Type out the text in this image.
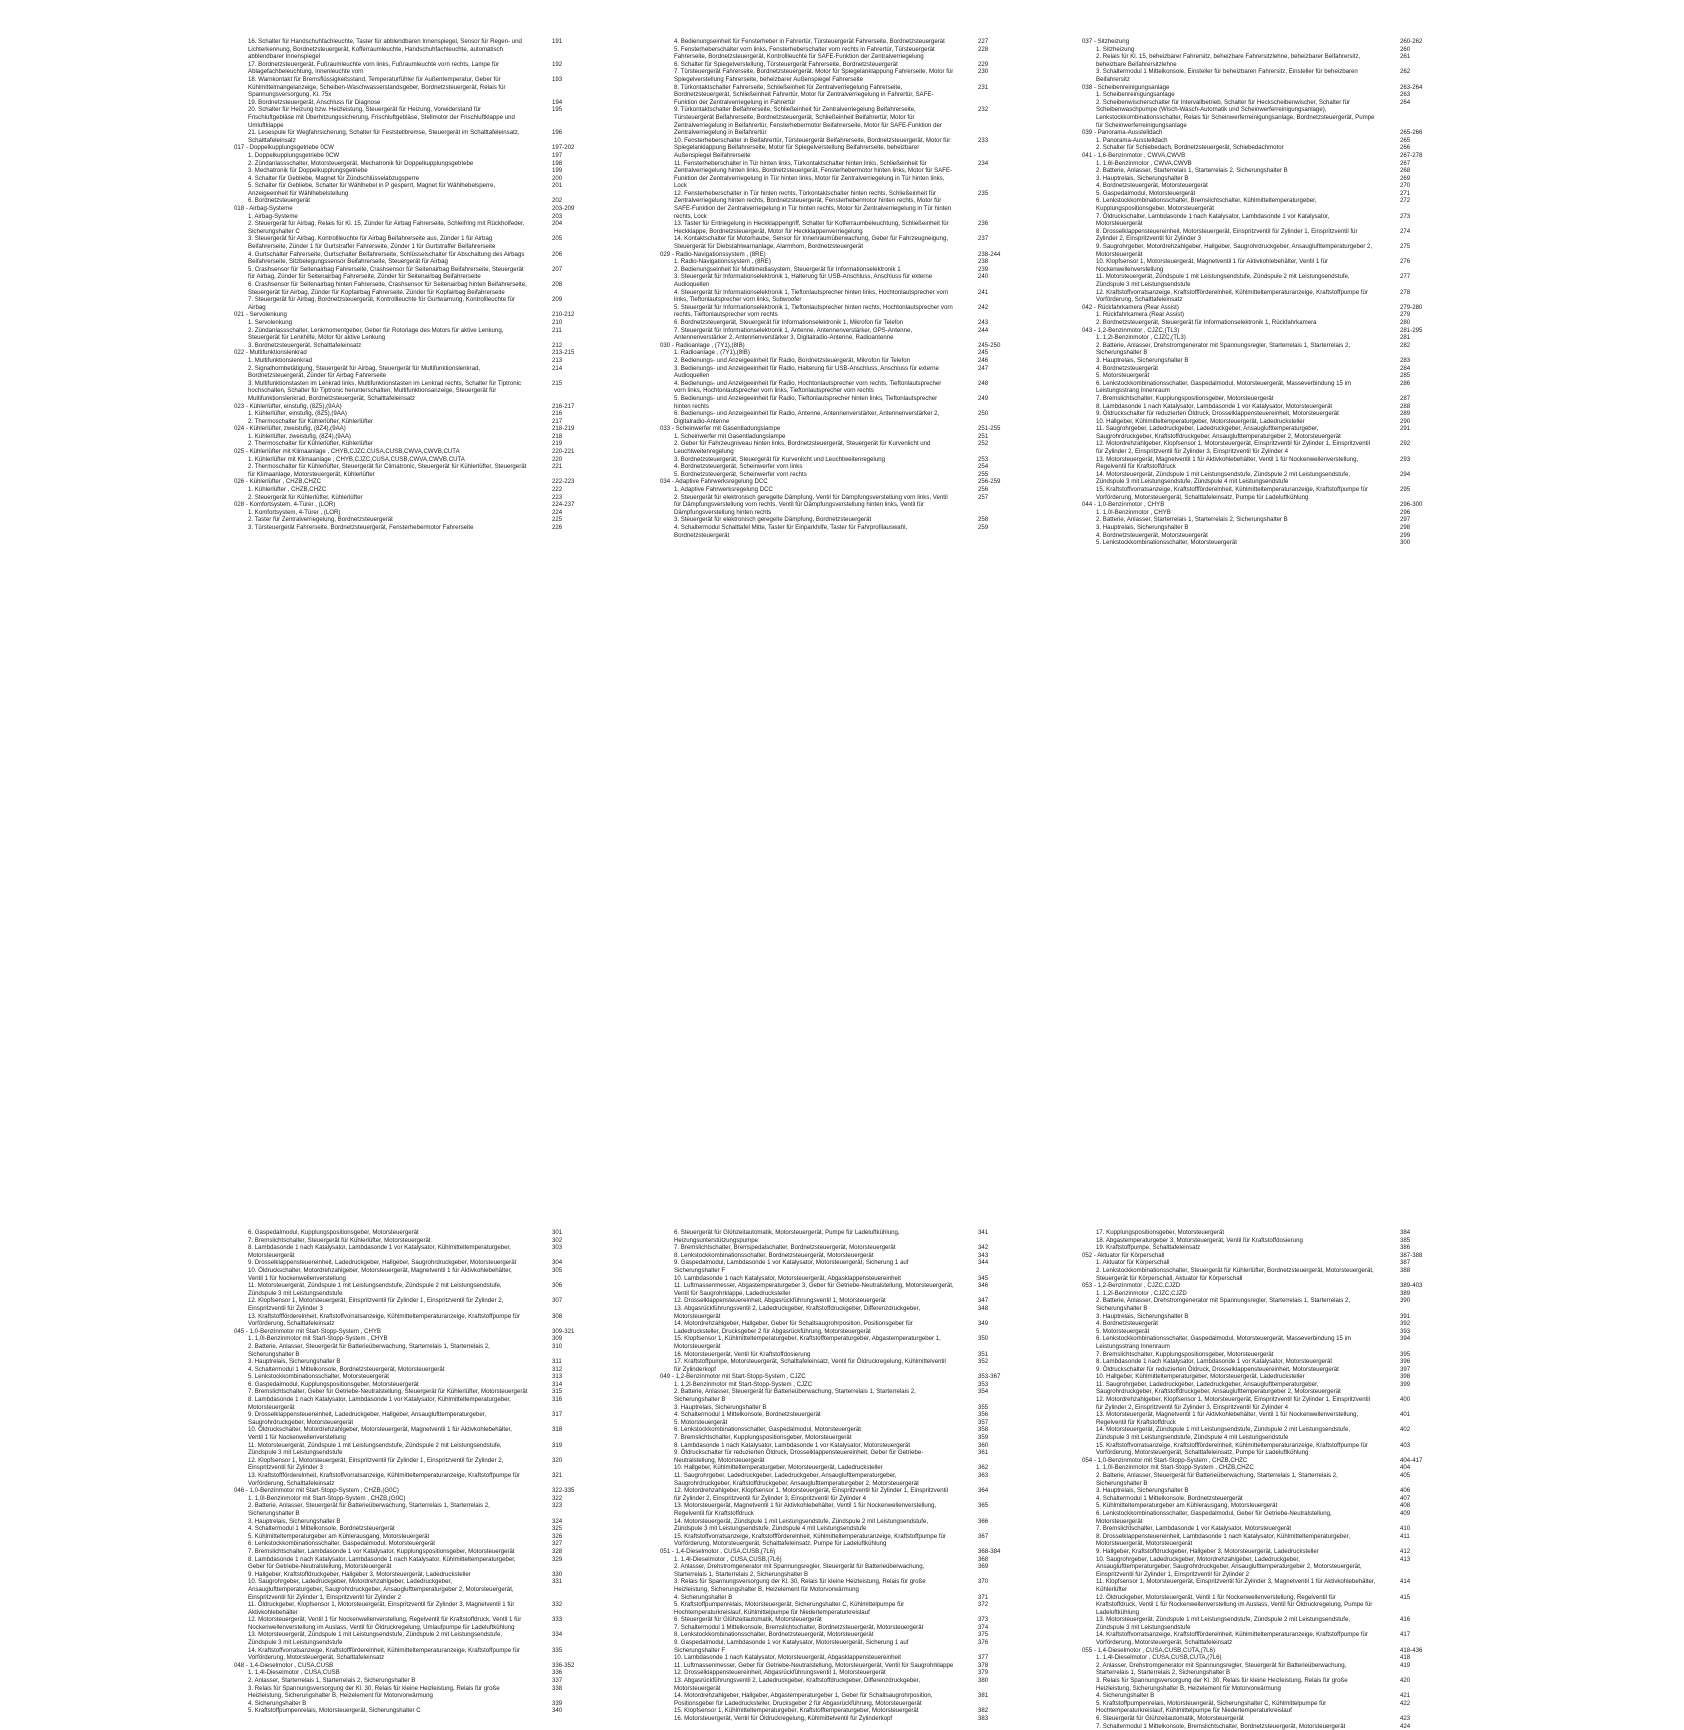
16. Schalter für Handschuhfachleuchte, Taster für abblendbaren Innenspiegel, Sensor für Regen- und Lichterkennung, Bordnetzsteuergerät, Kofferraumleuchte, Handschuhfachleuchte, automatisch abblendbarer Innenspiegel
191
17. Bordnetzsteuergerät, Fußraumleuchte vorn links, Fußraumleuchte vorn rechts, Lampe für Ablagefachbeleuchtung, Innenleuchte vorn
192
18. Warnkontakt für Bremsflüssigkeitsstand, Temperaturfühler für Außentemperatur, Geber für Kühlmittelmangelanzeige, Scheiben-Waschwasserstandsgeber, Bordnetzsteuergerät, Relais für Spannungsversorgung, Kl. 75x
193
19. Bordnetzsteuergerät, Anschluss für Diagnose	194
20. Schalter für Heizung bzw. Heizleistung, Steuergerät für Heizung, Vorwiderstand für Frischluftgebläse mit Überhitzungssicherung, Frischluftgebläse, Stellmotor der Frischluftklappe und Umluftklappe
195
21. Lesespule für Wegfahrsicherung, Schalter für Feststellbremse, Steuergerät im Schalttafeleinsatz, Schalttafeleinsatz
196
017 - Doppelkupplungsgetriebe 0CW	197-202
1. Doppelkupplungsgetriebe 0CW	197
2. Zündanlassschalter, Motorsteuergerät, Mechatronik für Doppelkupplungsgetriebe	198
3. Mechatronik für Doppelkupplungsgetriebe	199
4. Schalter für Gebliebe, Magnet für Zündschlüsselabzugsperre	200
5. Schalter für Gebliebe, Schalter für Wählhebel in P gesperrt, Magnet für Wählhebelsperre, Anzeigeeinheit für Wählhebelstellung
201
6. Bordnetzsteuergerät	202
018 - Airbag-Systeme	203-209
1. Airbag-Systeme	203
2. Steuergerät für Airbag, Relais für Kl. 15, Zünder für Airbag Fahrerseite, Schleifring mit Rückholfeder, Sicherungshalter C
204
3. Steuergerät für Airbag, Kontrollleuchte für Airbag Beifahrerseite aus, Zünder 1 für Airbag Beifahrerseite, Zünder 1 für Gurtstraffer Fahrerseite, Zünder 1 für Gurtstraffer Beifahrerseite
205
4. Gurtschalter Fahrerseite, Gurtschalter Beifahrerseite, Schlüsselschalter für Abschaltung des Airbags Beifahrerseite, Sitzbelegungssensor Beifahrerseite, Steuergerät für Airbag
206
5. Crashsensor für Seitenairbag Fahrerseite, Crashsensor für Seitenairbag Beifahrerseite, Steuergerät für Airbag, Zünder für Seitenairbag Fahrerseite, Zünder für Seitenairbag Beifahrerseite
207
6. Crashsensor für Seitenairbag hinten Fahrerseite, Crashsensor für Seitenairbag hinten Beifahrerseite, Steuergerät für Airbag, Zünder für Kopfairbag Fahrerseite, Zünder für Kopfairbag Beifahrerseite
208
7. Steuergerät für Airbag, Bordnetzsteuergerät, Kontrollleuchte für Gurtwarnung, Kontrollleuchte für Airbag
209
021 - Servolenkung	210-212
1. Servolenkung	210
2. Zündanlassschalter, Lenkmomentgeber, Geber für Rotorlage des Motors für aktive Lenkung, Steuergerät für Lenkhilfe, Motor für aktive Lenkung
211
3. Bordnetzsteuergerät, Schalttafeleinsatz	212
022 - Multifunktionslenkrad	213-215
1. Multifunktionslenkrad	213
2. Signalhornbetätigung, Steuergerät für Airbag, Steuergerät für Multifunktionslenkrad, Bordnetzsteuergerät, Zünder für Airbag Fahrerseite
214
3. Multifunktionstasten im Lenkrad links, Multifunktionstasten im Lenkrad rechts, Schalter für Tiptronic hochschalten, Schalter für Tiptronic herunterschalten, Multifunktionsanzeige, Steuergerät für Multifunktionslenkrad, Bordnetzsteuergerät, Schalttafeleinsatz
215
023 - Kühlerlüfter, einstufig, (8Z5),(9AA)	216-217
1. Kühlerlüfter, einstufig, (8Z5),(9AA)	216
2. Thermoschalter für Kühlerlüfter, Kühlerlüfter	217
024 - Kühlerlüfter, zweistufig, (8Z4),(9AA)	218-219
1. Kühlerlüfter, zweistufig, (8Z4),(9AA)	218
2. Thermoschalter für Kühlerlüfter, Kühlerlüfter	219
025 - Kühlerlüfter mit Klimaanlage , CHYB,CJZC,CUSA,CUSB,CWVA,CWVB,CUTA	220-221
1. Kühlerlüfter mit Klimaanlage , CHYB,CJZC,CUSA,CUSB,CWVA,CWVB,CUTA	220
2. Thermoschalter für Kühlerlüfter, Steuergerät für Climatronic, Steuergerät für Kühlerlüfter, Steuergerät für Klimaanlage, Motorsteuergerät, Kühlerlüfter
221
026 - Kühlerlüfter , CHZB,CHZC	222-223
1. Kühlerlüfter , CHZB,CHZC	222
2. Steuergerät für Kühlerlüfter, Kühlerlüfter	223
028 - Komfortsystem, 4-Türer , (LOR)	224-237
1. Komfortsystem, 4-Türer , (LOR)	224
2. Taster für Zentralverriegelung, Bordnetzsteuergerät	225
3. Türsteuergerät Fahrerseite, Bordnetzsteuergerät, Fensterhebermotor Fahrerseite	226
4. Bedienungseinheit für Fensterheber in Fahrertür, Türsteuergerät Fahrerseite, Bordnetzsteuergerät	227
5. Fensterheberschalter vorn links, Fensterheberschalter vorn rechts in Fahrertür, Türsteuergerät Fahrerseite, Bordnetzsteuergerät, Kontrollleuchte für SAFE-Funktion der Zentralverriegelung
228
6. Schalter für Spiegelverstellung, Türsteuergerät Fahrerseite, Bordnetzsteuergerät	229
7. Türsteuergerät Fahrerseite, Bordnetzsteuergerät, Motor für Spiegelanklappung Fahrerseite, Motor für Spiegelverstellung Fahrerseite, beheizbarer Außenspiegel Fahrerseite
230
8. Türkontaktschalter Fahrerseite, Schließeinheit für Zentralverriegelung Fahrerseite, Bordnetzsteuergerät, Schließeinheit Fahrertür, Motor für Zentralverriegelung in Fahrertür, SAFE-Funktion der Zentralverriegelung in Fahrertür
231
9. Türkontaktschalter Beifahrerseite, Schließeinheit für Zentralverriegelung Beifahrerseite, Türsteuergerät Beifahrerseite, Bordnetzsteuergerät, Schließeinheit Beifahrertür, Motor für Zentralverriegelung in Beifahrertür, Fensterhebermotor Beifahrerseite, Motor für SAFE-Funktion der Zentralverriegelung in Beifahrertür
232
10. Fensterheberschalter in Beifahrertür, Türsteuergerät Beifahrerseite, Bordnetzsteuergerät, Motor für Spiegelanklappung Beifahrerseite, Motor für Spiegelverstellung Beifahrerseite, beheizbarer Außenspiegel Beifahrerseite
233
11. Fensterheberschalter in Tür hinten links, Türkontaktschalter hinten links, Schließeinheit für Zentralverriegelung hinten links, Bordnetzsteuergerät, Fensterhebermotor hinten links, Motor für SAFE-Funktion der Zentralverriegelung in Tür hinten links, Motor für Zentralverriegelung in Tür hinten links, Lock
234
12. Fensterheberschalter in Tür hinten rechts, Türkontaktschalter hinten rechts, Schließeinheit für Zentralverriegelung hinten rechts, Bordnetzsteuergerät, Fensterhebermotor hinten rechts, Motor für SAFE-Funktion der Zentralverriegelung in Tür hinten rechts, Motor für Zentralverriegelung in Tür hinten rechts, Lock
235
13. Taster für Entriegelung in Heckklappengriff, Schalter für Kofferraumbeleuchtung, Schließeinheit für Heckklappe, Bordnetzsteuergerät, Motor für Heckklappenverriegelung
236
14. Kontaktschalter für Motorhaube, Sensor für Innenraumüberwachung, Geber für Fahrzeugneigung, Steuergerät für Diebstahlwarnanlage, Alarmhorn, Bordnetzsteuergerät
237
029 - Radio-Navigationssystem , (8RE)	238-244
1. Radio-Navigationssystem , (8RE)	238
2. Bedienungseinheit für Multimediasystem, Steuergerät für Informationselektronik 1	239
3. Steuergerät für Informationselektronik 1, Halterung für USB-Anschluss, Anschluss für externe Audioquellen
240
4. Steuergerät für Informationselektronik 1, Tieftonlautsprecher hinten links, Hochtonlautsprecher vorn links, Tieftonlautsprecher vorn links, Subwoofer
241
5. Steuergerät für Informationselektronik 1, Tieftonlautsprecher hinten rechts, Hochtonlautsprecher vorn rechts, Tieftonlautsprecher vorn rechts
242
6. Bordnetzsteuergerät, Steuergerät für Informationselektronik 1, Mikrofon für Telefon	243
7. Steuergerät für Informationselektronik 1, Antenne, Antennenverstärker, GPS-Antenne, Antennenverstärker 2, Antennenverstärker 3, Digitalradio-Antenne, Radioantenne
244
030 - Radioanlage , (7Y1),(8IB)	245-250
1. Radioanlage , (7Y1),(8IB)	245
2. Bedienungs- und Anzeigeeinheit für Radio, Bordnetzsteuergerät, Mikrofon für Telefon	246
3. Bedienungs- und Anzeigeeinheit für Radio, Halterung für USB-Anschluss, Anschluss für externe Audioquellen
247
4. Bedienungs- und Anzeigeeinheit für Radio, Hochtonlautsprecher vorn rechts, Tieftonlautsprecher vorn links, Hochtonlautsprecher vorn links, Tieftonlautsprecher vorn rechts
248
5. Bedienungs- und Anzeigeeinheit für Radio, Tieftonlautsprecher hinten links, Tieftonlautsprecher hinten rechts
249
6. Bedienungs- und Anzeigeeinheit für Radio, Antenne, Antennenverstärker, Antennenverstärker 2, Digitalradio-Antenne
250
033 - Scheinwerfer mit Gasentladungslampe	251-255
1. Scheinwerfer mit Gasentladungslampe	251
2. Geber für Fahrzeugniveau hinten links, Bordnetzsteuergerät, Steuergerät für Kurvenlicht und Leuchtweitenregelung
252
3. Bordnetzsteuergerät, Steuergerät für Kurvenlicht und Leuchtweitenregelung	253
4. Bordnetzsteuergerät, Scheinwerfer vorn links	254
5. Bordnetzsteuergerät, Scheinwerfer vorn rechts	255
034 - Adaptive Fahrwerksregelung DCC	256-259
1. Adaptive Fahrwerksregelung DCC	256
2. Steuergerät für elektronisch geregelte Dämpfung, Ventil für Dämpfungsverstellung vorn links, Ventil für Dämpfungsverstellung vorn rechts, Ventil für Dämpfungsverstellung hinten links, Ventil für Dämpfungsverstellung hinten rechts
257
3. Steuergerät für elektronisch geregelte Dämpfung, Bordnetzsteuergerät	258
4. Schaltermodul Schalttafel Mitte, Taster für Einparkhilfe, Taster für Fahrprofilauswahl, Bordnetzsteuergerät
259
037 - Sitzheizung	260-262
1. Sitzheizung	260
2. Relais für Kl. 15, beheizbarer Fahrersitz, beheizbare Fahrersitzlehne, beheizbarer Beifahrersitz, beheizbare Beifahrersitzlehne
261
3. Schaltermodul 1 Mittelkonsole, Einsteller für beheizbaren Fahrersitz, Einsteller für beheizbaren Beifahrersitz
262
038 - Scheibenreinigungsanlage	263-264
1. Scheibenreinigungsanlage	263
2. Scheibenwischerschalter für Intervallbetrieb, Schalter für Heckscheibenwischer, Schalter für Scheibenwaschpumpe (Wisch-Wasch-Automatik und Scheinwerferreinigungsanlage), Lenkstockkombinationsschalter, Relais für Scheinwerferreinigungsanlage, Bordnetzsteuergerät, Pumpe für Scheinwerferreinigungsanlage
264
039 - Panorama-Ausstelldach	265-266
1. Panorama-Ausstelldach	265
2. Schalter für Schiebedach, Bordnetzsteuergerät, Schiebedachmotor	266
041 - 1,6-Benzinmotor , CWVA,CWVB	267-278
1. 1,6l-Benzinmotor , CWVA,CWVB	267
2. Batterie, Anlasser, Starterrelais 1, Starterrelais 2, Sicherungshalter B	268
3. Hauptrelais, Sicherungshalter B	269
4. Bordnetzsteuergerät, Motorsteuergerät	270
5. Gaspedalmodul, Motorsteuergerät	271
6. Lenkstockkombinationsschalter, Bremslichtschalter, Kühlmitteltemperaturgeber, Kupplungspositionsgeber, Motorsteuergerät
272
7. Öldruckschalter, Lambdasonde 1 nach Katalysator, Lambdasonde 1 vor Katalysator, Motorsteuergerät
273
8. Drosselklappensteuereinheit, Motorsteuergerät, Einspritzventil für Zylinder 1, Einspritzventil für Zylinder 2, Einspritzventil für Zylinder 3
274
9. Saugrohrgeber, Motordrehzahlgeber, Hallgeber, Saugrohrdruckgeber, Ansauglufttemperaturgeber 2, Motorsteuergerät
275
10. Klopfsensor 1, Motorsteuergerät, Magnetventil 1 für Aktivkohlebehälter, Ventil 1 für Nockenwellenverstellung
276
11. Motorsteuergerät, Zündspule 1 mit Leistungsendstufe, Zündspule 2 mit Leistungsendstufe, Zündspule 3 mit Leistungsendstufe
277
12. Kraftstoffvorratsanzeige, Kraftstoffförderelnheit, Kühlmitteltemperaturanzeige, Kraftstoffpumpe für Vorförderung, Schalttafeleinsatz
278
042 - Rückfahrkamera (Rear Assist)	279-280
1. Rückfahrkamera (Rear Assist)	279
2. Bordnetzsteuergerät, Steuergerät für Informationselektronik 1, Rückfahrkamera	280
043 - 1,2-Benzinmotor , CJZC,(TL3)	281-295
1. 1,2l-Benzinmotor , CJZC,(TL3)	281
2. Batterie, Anlasser, Drehstromgenerator mit Spannungsregler, Starterrelais 1, Starterrelais 2, Sicherungshalter B
282
3. Hauptrelais, Sicherungshalter B	283
4. Bordnetzsteuergerät	284
5. Motorsteuergerät	285
6. Lenkstockkombinationsschalter, Gaspedalmodul, Motorsteuergerät, Masseverbindung 15 im Leistungsstrang Innenraum
286
7. Bremslichtschalter, Kupplungspositionsgeber, Motorsteuergerät	287
8. Lambdasonde 1 nach Katalysator, Lambdasonde 1 vor Katalysator, Motorsteuergerät	288
9. Öldruckschalter für reduzierten Öldruck, Drosselklappensteuereinheit, Motorsteuergerät	289
10. Hallgeber, Kühlmitteltemperaturgeber, Motorsteuergerät, Ladedrucksteller	290
11. Saugrohrgeber, Ladedruckgeber, Ladedruckgeber, Ansauglufttemperaturgeber, Saugrohrdruckgeber, Kraftstoffdruckgeber, Ansauglufttemperaturgeber 2, Motorsteuergerät
291
12. Motordrehzahlgeber, Klopfsensor 1, Motorsteuergerät, Einspritzventil für Zylinder 1, Einspritzventil für Zylinder 2, Einspritzventil für Zylinder 3, Einspritzventil für Zylinder 4
292
13. Motorsteuergerät, Magnetventil 1 für Aktivkohlebehälter, Ventil 1 für Nockenwellenverstellung, Regelventil für Kraftstoffdruck
293
14. Motorsteuergerät, Zündspule 1 mit Leistungsendstufe, Zündspule 2 mit Leistungsendstufe, Zündspule 3 mit Leistungsendstufe, Zündspule 4 mit Leistungsendstufe
294
15. Kraftstoffvorratsanzeige, Kraftstoffförderelnheit, Kühlmitteltemperaturanzeige, Kraftstoffpumpe für Vorförderung, Motorsteuergerät, Schalttafeleinsatz, Pumpe für Ladeluftkühlung
295
044 - 1,0-Benzinmotor , CHYB	296-300
1. 1,0l-Benzinmotor , CHYB	296
2. Batterie, Anlasser, Starterrelais 1, Starterrelais 2, Sicherungshalter B	297
3. Hauptrelais, Sicherungshalter B	298
4. Bordnetzsteuergerät, Motorsteuergerät	299
5. Lenkstockkombinationsschalter, Motorsteuergerät	300
6. Gaspedalmodul, Kupplungspositionsgeber, Motorsteuergerät	301
7. Bremslichtschalter, Steuergerät für Kühlerlüfter, Motorsteuergerät	302
8. Lambdasonde 1 nach Katalysator, Lambdasonde 1 vor Katalysator, Kühlmitteltemperaturgeber, Motorsteuergerät
303
9. Drosselklappensteuereinheit, Ladedruckgeber, Hallgeber, Saugrohrdruckgeber, Motorsteuergerät	304
10. Öldruckschalter, Motordrehzahlgeber, Motorsteuergerät, Magnetventil 1 für Aktivkohlebehälter, Ventil 1 für Nockenwellenverstellung
305
11. Motorsteuergerät, Zündspule 1 mit Leistungsendstufe, Zündspule 2 mit Leistungsendstufe, Zündspule 3 mit Leistungsendstufe
306
12. Klopfsensor 1, Motorsteuergerät, Einspritzventil für Zylinder 1, Einspritzventil für Zylinder 2, Einspritzventil für Zylinder 3
307
13. Kraftstoffförderelnheit, Kraftstoffvorratsanzeige, Kühlmitteltemperaturanzeige, Kraftstoffpumpe für Vorförderung, Schalttafeleinsatz
308
045 - 1,0-Benzinmotor mit Start-Stopp-System , CHYB	309-321
1. 1,0l-Benzinmotor mit Start-Stopp-System , CHYB	309
2. Batterie, Anlasser, Steuergerät für Batterieüberwachung, Starterrelais 1, Starterrelais 2, Sicherungshalter B
310
3. Hauptrelais, Sicherungshalter B	311
4. Schaltermodul 1 Mittelkonsole, Bordnetzsteuergerät, Motorsteuergerät	312
5. Lenkstockkombinationsschalter, Motorsteuergerät	313
6. Gaspedalmodul, Kupplungspositionsgeber, Motorsteuergerät	314
7. Bremslichtschalter, Geber für Getriebe-Neutralstellung, Steuergerät für Kühlerlüfter, Motorsteuergerät	315
8. Lambdasonde 1 nach Katalysator, Lambdasonde 1 vor Katalysator, Kühlmitteltemperaturgeber, Motorsteuergerät
316
9. Drosselklappensteuereinheit, Ladedruckgeber, Hallgeber, Ansauglufttemperaturgeber, Saugrohrdruckgeber, Motorsteuergerät
317
10. Öldruckschalter, Motordrehzahlgeber, Motorsteuergerät, Magnetventil 1 für Aktivkohlebehälter, Ventil 1 für Nockenwellenverstellung
318
11. Motorsteuergerät, Zündspule 1 mit Leistungsendstufe, Zündspule 2 mit Leistungsendstufe, Zündspule 3 mit Leistungsendstufe
319
12. Klopfsensor 1, Motorsteuergerät, Einspritzventil für Zylinder 1, Einspritzventil für Zylinder 2, Einspritzventil für Zylinder 3
320
13. Kraftstoffförderelnheit, Kraftstoffvorratsanzeige, Kühlmitteltemperaturanzeige, Kraftstoffpumpe für Vorförderung, Schalttafeleinsatz
321
046 - 1,0-Benzinmotor mit Start-Stopp-System , CHZB,(G0C)	322-335
1. 1,0l-Benzinmotor mit Start-Stopp-System , CHZB,(G0C)	322
2. Batterie, Anlasser, Steuergerät für Batterieüberwachung, Starterrelais 1, Starterrelais 2, Sicherungshalter B
323
3. Hauptrelais, Sicherungshalter B	324
4. Schaltermodul 1 Mittelkonsole, Bordnetzsteuergerät	325
5. Kühlmitteltemperaturgeber am Kühlerausgang, Motorsteuergerät	326
6. Lenkstockkombinationsschalter, Gaspedalmodul, Motorsteuergerät	327
7. Bremslichtschalter, Lambdasonde 1 vor Katalysator, Kupplungspositionsgeber, Motorsteuergerät	328
8. Lambdasonde 1 nach Katalysator, Lambdasonde 1 nach Katalysator, Kühlmitteltemperaturgeber, Geber für Getriebe-Neutralstellung, Motorsteuergerät
329
9. Hallgeber, Kraftstoffdruckgeber, Hallgeber 3, Motorsteuergerät, Ladedrucksteller	330
10. Saugrohrgeber, Ladedruckgeber, Motordrehzahlgeber, Ladedruckgeber, Ansauglufttemperaturgeber, Saugrohrdruckgeber, Ansauglufttemperaturgeber 2, Motorsteuergerät, Einspritzventil für Zylinder 1, Einspritzventil für Zylinder 2
331
11. Öldruckgeber, Klopfsensor 1, Motorsteuergerät, Einspritzventil für Zylinder 3, Magnetventil 1 für Aktivkohlebehälter
332
12. Motorsteuergerät, Ventil 1 für Nockenwellenverstellung, Regelventil für Kraftstoffdruck, Ventil 1 für Nockenwellenverstellung im Auslass, Ventil für Öldruckregelung, Umlaufpumpe für Ladeluftkühlung
333
13. Motorsteuergerät, Zündspule 1 mit Leistungsendstufe, Zündspule 2 mit Leistungsendstufe, Zündspule 3 mit Leistungsendstufe
334
14. Kraftstoffvorratsanzeige, Kraftstoffförderelnheit, Kühlmitteltemperaturanzeige, Kraftstoffpumpe für Vorförderung, Motorsteuergerät, Schalttafeleinsatz
335
048 - 1,4-Dieselmotor , CUSA,CUSB	336-352
1. 1,4l-Dieselmotor , CUSA,CUSB	336
2. Anlasser, Starterrelais 1, Starterrelais 2, Sicherungshalter B	337
3. Relais für Spannungsversorgung der Kl. 30, Relais für kleine Heizleistung, Relais für große Heizleistung, Sicherungshalter B, Heizelement für Motorvorwärmung
338
4. Sicherungshalter B	339
5. Kraftstoffpumpenrelais, Motorsteuergerät, Sicherungshalter C	340
6. Steuergerät für Glühzeitautomatik, Motorsteuergerät, Pumpe für Ladeluftkühlung, Heizungsunterstützungspumpe
341
7. Bremslichtschalter, Bremspedalschalter, Bordnetzsteuergerät, Motorsteuergerät	342
8. Lenkstockkombinationsschalter, Bordnetzsteuergerät, Motorsteuergerät	343
9. Gaspedalmodul, Lambdasonde 1 vor Katalysator, Motorsteuergerät, Sicherung 1 auf Sicherungshalter F
344
10. Lambdasonde 1 nach Katalysator, Motorsteuergerät, Abgasklappensteuereinheit	345
11. Luftmassenmesser, Abgastemperaturgeber 3, Geber für Getriebe-Neutralstellung, Motorsteuergerät, Ventil für Saugrohrklappe, Ladedrucksteller
346
12. Drosselklappensteuereinheit, Abgasrückführungsventil 1, Motorsteuergerät	347
13. Abgasrückführungsventil 2, Ladedruckgeber, Kraftstoffdruckgeber, Differenzdruckgeber, Motorsteuergerät
348
14. Motordrehzahlgeber, Hallgeber, Geber für Schaltsaugrohrposition, Positionsgeber für Ladedrucksteller, Drucksgeber 2 für Abgasrückführung, Motorsteuergerät
349
15. Klopfsensor 1, Kühlmitteltemperaturgeber, Kraftstofftemperaturgeber, Abgastemperaturgeber 1, Motorsteuergerät
350
16. Motorsteuergerät, Ventil für Kraftstoffdosierung	351
17. Kraftstoffpumpe, Motorsteuergerät, Schalttafeleinsatz, Ventil für Öldruckregelung, Kühlmittelventil für Zylinderkopf
352
049 - 1,2-Benzinmotor mit Start-Stopp-System , CJZC	353-367
1. 1,2l-Benzinmotor mit Start-Stopp-System , CJZC	353
2. Batterie, Anlasser, Steuergerät für Batterieüberwachung, Starterrelais 1, Starterrelais 2, Sicherungshalter B
354
3. Hauptrelais, Sicherungshalter B	355
4. Schaltermodul 1 Mittelkonsole, Bordnetzsteuergerät	356
5. Motorsteuergerät	357
6. Lenkstockkombinationsschalter, Gaspedalmodul, Motorsteuergerät	358
7. Bremslichtschalter, Kupplungspositionsgeber, Motorsteuergerät	359
8. Lambdasonde 1 nach Katalysator, Lambdasonde 1 vor Katalysator, Motorsteuergerät	360
9. Öldruckschalter für reduzierten Öldruck, Drosselklappensteuereinheit, Geber für Getriebe-Neutralstellung, Motorsteuergerät
361
10. Hallgeber, Kühlmitteltemperaturgeber, Motorsteuergerät, Ladedrucksteller	362
11. Saugrohrgeber, Ladedruckgeber, Ladedruckgeber, Ansauglufttemperaturgeber, Saugrohrdruckgeber, Kraftstoffdruckgeber, Ansauglufttemperaturgeber 2, Motorsteuergerät
363
12. Motordrehzahlgeber, Klopfsensor 1, Motorsteuergerät, Einspritzventil für Zylinder 1, Einspritzventil für Zylinder 2, Einspritzventil für Zylinder 3, Einspritzventil für Zylinder 4
364
13. Motorsteuergerät, Magnetventil 1 für Aktivkohlebehälter, Ventil 1 für Nockenwellenverstellung, Regelventil für Kraftstoffdruck
365
14. Motorsteuergerät, Zündspule 1 mit Leistungsendstufe, Zündspule 2 mit Leistungsendstufe, Zündspule 3 mit Leistungsendstufe, Zündspule 4 mit Leistungsendstufe
366
15. Kraftstoffvorratsanzeige, Kraftstoffförderelnheit, Kühlmitteltemperaturanzeige, Kraftstoffpumpe für Vorförderung, Motorsteuergerät, Schalttafeleinsatz, Pumpe für Ladeluftkühlung
367
051 - 1,4-Dieselmotor , CUSA,CUSB,(7L6)	368-384
1. 1,4l-Dieselmotor , CUSA,CUSB,(7L6)	368
2. Anlasser, Drehstromgenerator mit Spannungsregler, Steuergerät für Batterieüberwachung, Starterrelais 1, Starterrelais 2, Sicherungshalter B
369
3. Relais für Spannungsversorgung der Kl. 30, Relais für kleine Heizleistung, Relais für große Heizleistung, Sicherungshalter B, Heizelement für Motorvorwärmung
370
4. Sicherungshalter B	371
5. Kraftstoffpumpenrelais, Motorsteuergerät, Sicherungshalter C, Kühlmittelpumpe für Hochtemperaturkreislauf, Kühlmittelpumpe für Niedertemperaturkreislauf
372
6. Steuergerät für Glühzeitautomatik, Motorsteuergerät	373
7. Schaltermodul 1 Mittelkonsole, Bremslichtschalter, Bordnetzsteuergerät, Motorsteuergerät	374
8. Lenkstockkombinationsschalter, Bordnetzsteuergerät, Motorsteuergerät	375
9. Gaspedalmodul, Lambdasonde 1 vor Katalysator, Motorsteuergerät, Sicherung 1 auf Sicherungshalter F
376
10. Lambdasonde 1 nach Katalysator, Motorsteuergerät, Abgasklappensteuereinheit	377
11. Luftmassenmesser, Geber für Getriebe-Neutralstellung, Motorsteuergerät, Ventil für Saugrohrklappe	378
12. Drosselklappensteuereinheit, Abgasrückführungsventil 1, Motorsteuergerät	379
13. Abgasrückführungsventil 2, Ladedruckgeber, Kraftstoffdruckgeber, Differenzdruckgeber, Motorsteuergerät
380
14. Motordrehzahlgeber, Hallgeber, Abgastemperaturgeber 1, Geber für Schaltsaugrohrposition, Positionsgeber für Ladedrucksteller, Drucksgeber 2 für Abgasrückführung, Motorsteuergerät
381
15. Klopfsensor 1, Kühlmitteltemperaturgeber, Kraftstofftemperaturgeber, Motorsteuergerät	382
16. Motorsteuergerät, Ventil für Öldruckregelung, Kühlmittelventil für Zylinderkopf	383
17. Kupplungspositionsgeber, Motorsteuergerät	384
18. Abgastemperaturgeber 3, Motorsteuergerät, Ventil für Kraftstoffdosierung	385
19. Kraftstoffpumpe, Schalttafeleinsatz	386
052 - Aktuator für Körperschall	387-388
1. Aktuator für Körperschall	387
2. Lenkstockkombinationsschalter, Steuergerät für Kühlerlüfter, Bordnetzsteuergerät, Motorsteuergerät, Steuergerät für Körperschall, Aktuator für Körperschall
388
053 - 1,2-Benzinmotor , CJZC,CJZD	389-403
1. 1,2l-Benzinmotor , CJZC,CJZD	389
2. Batterie, Anlasser, Drehstromgenerator mit Spannungsregler, Starterrelais 1, Starterrelais 2, Sicherungshalter B
390
3. Hauptrelais, Sicherungshalter B	391
4. Bordnetzsteuergerät	392
5. Motorsteuergerät	393
6. Lenkstockkombinationsschalter, Gaspedalmodul, Motorsteuergerät, Masseverbindung 15 im Leistungsstrang Innenraum
394
7. Bremslichtschalter, Kupplungspositionsgeber, Motorsteuergerät	395
8. Lambdasonde 1 nach Katalysator, Lambdasonde 1 vor Katalysator, Motorsteuergerät	396
9. Öldruckschalter für reduzierten Öldruck, Drosselklappensteuereinheit, Motorsteuergerät	397
10. Hallgeber, Kühlmitteltemperaturgeber, Motorsteuergerät, Ladedrucksteller	398
11. Saugrohrgeber, Ladedruckgeber, Ladedruckgeber, Ansauglufttemperaturgeber, Saugrohrdruckgeber, Kraftstoffdruckgeber, Ansauglufttemperaturgeber 2, Motorsteuergerät
399
12. Motordrehzahlgeber, Klopfsensor 1, Motorsteuergerät, Einspritzventil für Zylinder 1, Einspritzventil für Zylinder 2, Einspritzventil für Zylinder 3, Einspritzventil für Zylinder 4
400
13. Motorsteuergerät, Magnetventil 1 für Aktivkohlebehälter, Ventil 1 für Nockenwellenverstellung, Regelventil für Kraftstoffdruck
401
14. Motorsteuergerät, Zündspule 1 mit Leistungsendstufe, Zündspule 2 mit Leistungsendstufe, Zündspule 3 mit Leistungsendstufe, Zündspule 4 mit Leistungsendstufe
402
15. Kraftstoffvorratsanzeige, Kraftstoffförderelnheit, Kühlmitteltemperaturanzeige, Kraftstoffpumpe für Vorförderung, Motorsteuergerät, Schalttafeleinsatz, Pumpe für Ladeluftkühlung
403
054 - 1,0-Benzinmotor mit Start-Stopp-System , CHZB,CHZC	404-417
1. 1,0l-Benzinmotor mit Start-Stopp-System , CHZB,CHZC	404
2. Batterie, Anlasser, Steuergerät für Batterieüberwachung, Starterrelais 1, Starterrelais 2, Sicherungshalter B
405
3. Hauptrelais, Sicherungshalter B	406
4. Schaltermodul 1 Mittelkonsole, Bordnetzsteuergerät	407
5. Kühlmitteltemperaturgeber am Kühlerausgang, Motorsteuergerät	408
6. Lenkstockkombinationsschalter, Gaspedalmodul, Geber für Getriebe-Neutralstellung, Motorsteuergerät
409
7. Bremslichtschalter, Lambdasonde 1 vor Katalysator, Motorsteuergerät	410
8. Drosselklappensteuereinheit, Lambdasonde 1 nach Katalysator, Kühlmitteltemperaturgeber, Motorsteuergerät, Motorsteuergerät
411
9. Hallgeber, Kraftstoffdruckgeber, Hallgeber 3, Motorsteuergerät, Ladedrucksteller	412
10. Saugrohrgeber, Ladedruckgeber, Motordrehzahlgeber, Ladedruckgeber, Ansauglufttemperaturgeber, Saugrohrdruckgeber, Ansauglufttemperaturgeber 2, Motorsteuergerät, Einspritzventil für Zylinder 1, Einspritzventil für Zylinder 2
413
11. Klopfsensor 1, Motorsteuergerät, Einspritzventil für Zylinder 3, Magnetventil 1 für Aktivkohlebehälter, Kühlerlüfter
414
12. Öldruckgeber, Motorsteuergerät, Ventil 1 für Nockenwellenverstellung, Regelventil für Kraftstoffdruck, Ventil 1 für Nockenwellenverstellung im Auslass, Ventil für Öldruckregelung, Pumpe für Ladeluftkühlung
415
13. Motorsteuergerät, Zündspule 1 mit Leistungsendstufe, Zündspule 2 mit Leistungsendstufe, Zündspule 3 mit Leistungsendstufe
416
14. Kraftstoffvorratsanzeige, Kraftstoffförderelnheit, Kühlmitteltemperaturanzeige, Kraftstoffpumpe für Vorförderung, Motorsteuergerät, Schalttafeleinsatz
417
055 - 1,4-Dieselmotor , CUSA,CUSB,CUTA,(7L6)	418-436
1. 1,4l-Dieselmotor , CUSA,CUSB,CUTA,(7L6)	418
2. Anlasser, Drehstromgenerator mit Spannungsregler, Steuergerät für Batterieüberwachung, Starterrelais 1, Starterrelais 2, Sicherungshalter B
419
3. Relais für Spannungsversorgung der Kl. 30, Relais für kleine Heizleistung, Relais für große Heizleistung, Sicherungshalter B, Heizelement für Motorvorwärmung
420
4. Sicherungshalter B	421
5. Kraftstoffpumpenrelais, Motorsteuergerät, Sicherungshalter C, Kühlmittelpumpe für Hochtemperaturkreislauf, Kühlmittelpumpe für Niedertemperaturkreislauf
422
6. Steuergerät für Glühzeitautomatik, Motorsteuergerät	423
7. Schaltermodul 1 Mittelkonsole, Bremslichtschalter, Bordnetzsteuergerät, Motorsteuergerät	424
